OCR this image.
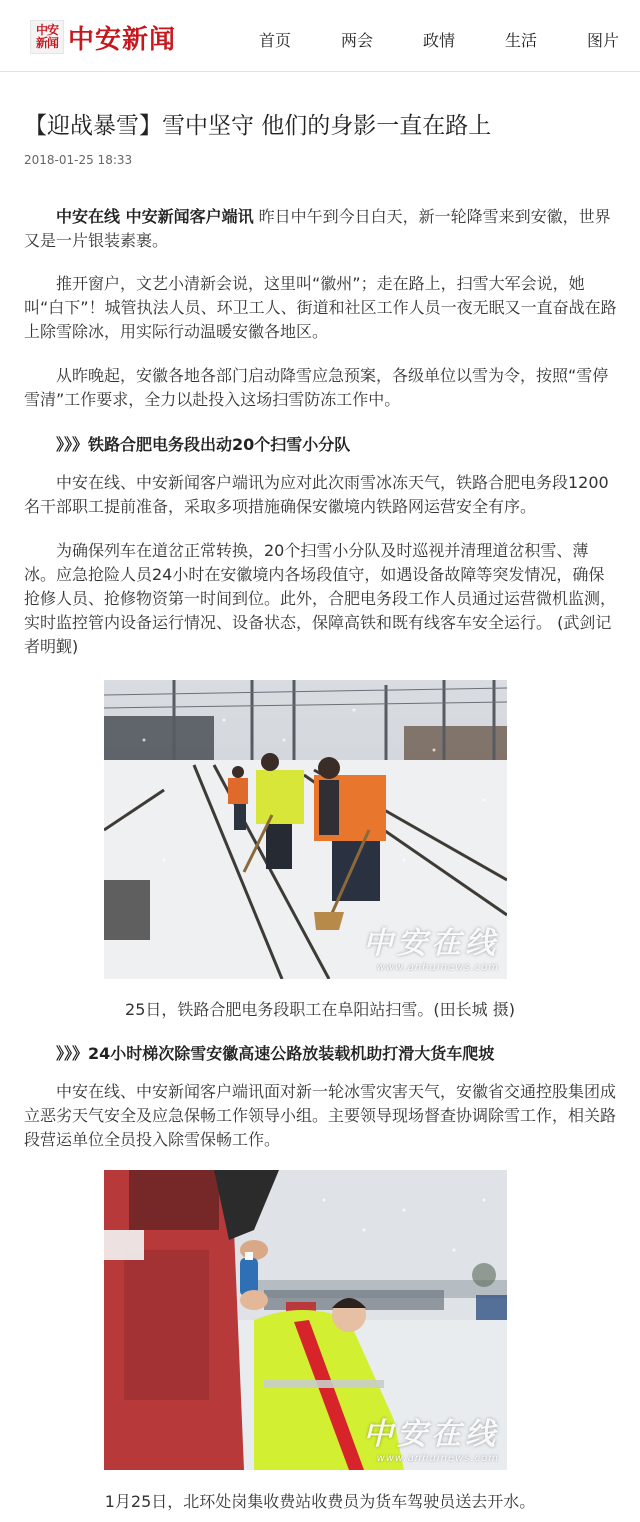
中安
新闻 中安新闻	首页	两会	政情	生活	图片
【迎战暴雪】雪中坚守 他们的身影一直在路上
2018-01-25 18:33

中安在线 中安新闻客户端讯 昨日中午到今日白天，新一轮降雪来到安徽，世界又是一片银装素裹。

推开窗户，文艺小清新会说，这里叫“徽州”；走在路上，扫雪大军会说，她叫“白下”！城管执法人员、环卫工人、街道和社区工作人员一夜无眠又一直奋战在路上除雪除冰，用实际行动温暖安徽各地区。

从昨晚起，安徽各地各部门启动降雪应急预案，各级单位以雪为令，按照“雪停雪清”工作要求，全力以赴投入这场扫雪防冻工作中。

》》》铁路合肥电务段出动20个扫雪小分队

中安在线、中安新闻客户端讯为应对此次雨雪冰冻天气，铁路合肥电务段1200名干部职工提前准备，采取多项措施确保安徽境内铁路网运营安全有序。

为确保列车在道岔正常转换，20个扫雪小分队及时巡视并清理道岔积雪、薄冰。应急抢险人员24小时在安徽境内各场段值守，如遇设备故障等突发情况，确保抢修人员、抢修物资第一时间到位。此外，合肥电务段工作人员通过运营微机监测，实时监控管内设备运行情况、设备状态，保障高铁和既有线客车安全运行。 (武剑记者明觐)

中安在线
www.anhuinews.com
25日，铁路合肥电务段职工在阜阳站扫雪。(田长城 摄)
》》》24小时梯次除雪安徽高速公路放装载机助打滑大货车爬坡

中安在线、中安新闻客户端讯面对新一轮冰雪灾害天气，安徽省交通控股集团成立恶劣天气安全及应急保畅工作领导小组。主要领导现场督查协调除雪工作，相关路段营运单位全员投入除雪保畅工作。

中安在线
www.anhuinews.com
1月25日，北环处岗集收费站收费员为货车驾驶员送去开水。
